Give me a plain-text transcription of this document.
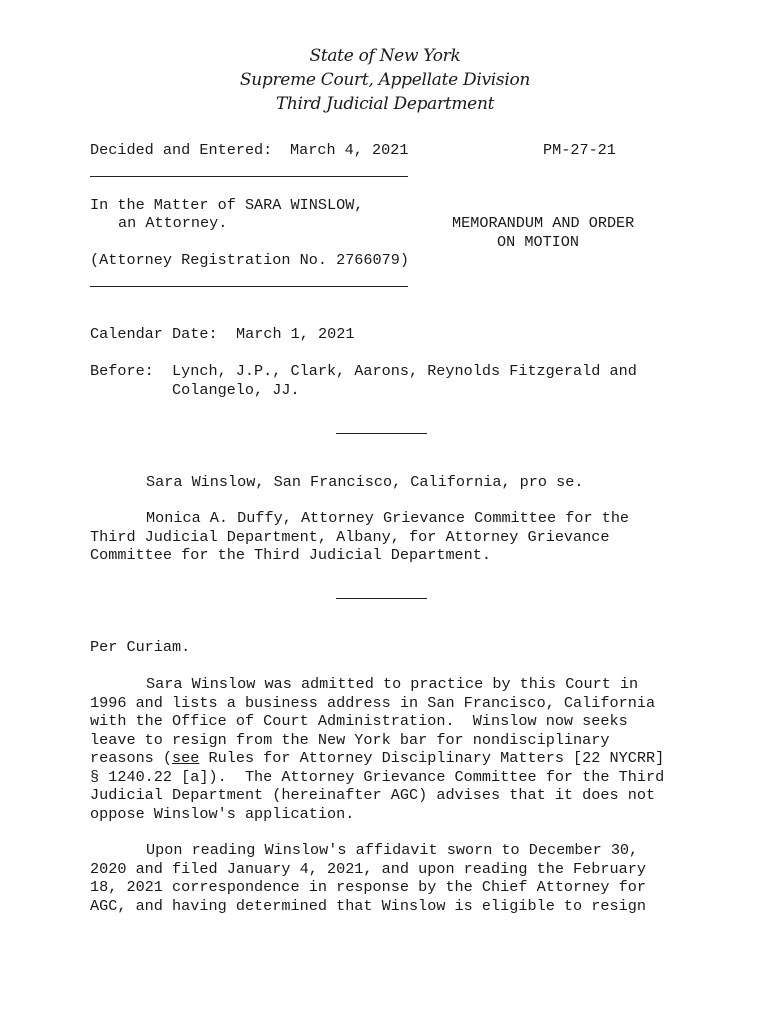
State of New York
Supreme Court, Appellate Division
Third Judicial Department
Decided and Entered: March 4, 2021	PM-27-21
In the Matter of SARA WINSLOW,
an Attorney.	MEMORANDUM AND ORDER
ON MOTION
(Attorney Registration No. 2766079)
Calendar Date: March 1, 2021
Before: Lynch, J.P., Clark, Aarons, Reynolds Fitzgerald and
Colangelo, JJ.
Sara Winslow, San Francisco, California, pro se.
Monica A. Duffy, Attorney Grievance Committee for the
Third Judicial Department, Albany, for Attorney Grievance
Committee for the Third Judicial Department.
Per Curiam.
Sara Winslow was admitted to practice by this Court in
1996 and lists a business address in San Francisco, California
with the Office of Court Administration.  Winslow now seeks
leave to resign from the New York bar for nondisciplinary
reasons (see Rules for Attorney Disciplinary Matters [22 NYCRR]
§ 1240.22 [a]).  The Attorney Grievance Committee for the Third
Judicial Department (hereinafter AGC) advises that it does not
oppose Winslow's application.
Upon reading Winslow's affidavit sworn to December 30,
2020 and filed January 4, 2021, and upon reading the February
18, 2021 correspondence in response by the Chief Attorney for
AGC, and having determined that Winslow is eligible to resign
